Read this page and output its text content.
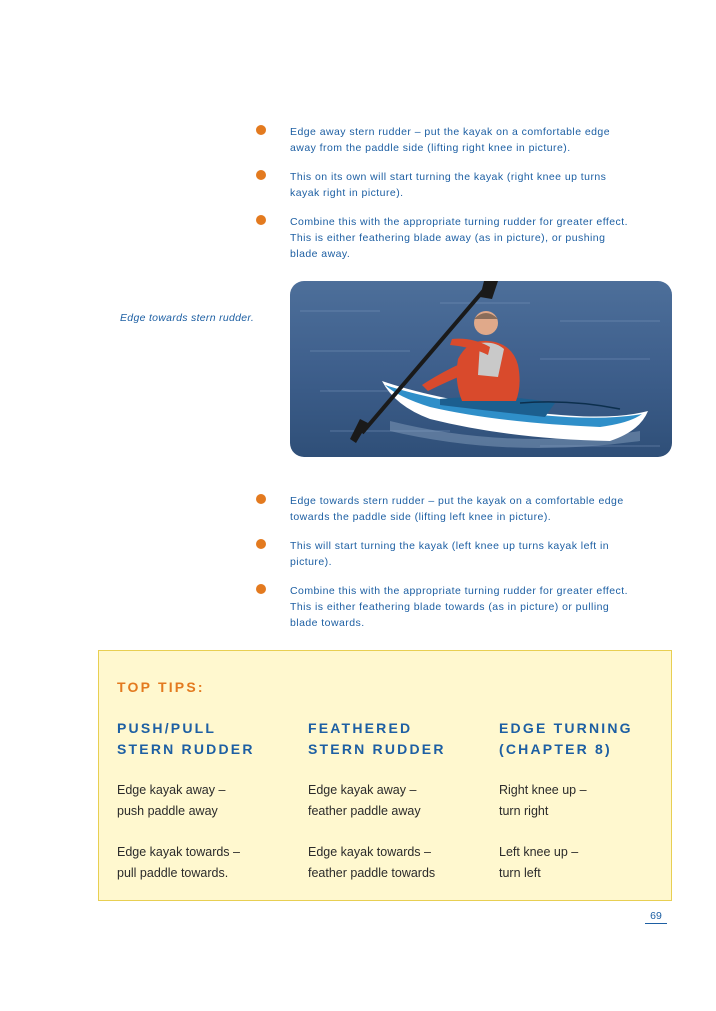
Edge away stern rudder – put the kayak on a comfortable edge
away from the paddle side (lifting right knee in picture).
This on its own will start turning the kayak (right knee up turns
kayak right in picture).
Combine this with the appropriate turning rudder for greater effect.
This is either feathering blade away (as in picture), or pushing
blade away.
Edge towards stern rudder.
Edge towards stern rudder – put the kayak on a comfortable edge
towards the paddle side (lifting left knee in picture).
This will start turning the kayak (left knee up turns kayak left in
picture).
Combine this with the appropriate turning rudder for greater effect.
This is either feathering blade towards (as in picture) or pulling
blade towards.
TOP TIPS:
PUSH/PULL
STERN RUDDER
Edge kayak away –
push paddle away
Edge kayak towards –
pull paddle towards.
FEATHERED
STERN RUDDER
Edge kayak away –
feather paddle away
Edge kayak towards –
feather paddle towards
EDGE TURNING
(CHAPTER 8)
Right knee up –
turn right
Left knee up –
turn left
69
